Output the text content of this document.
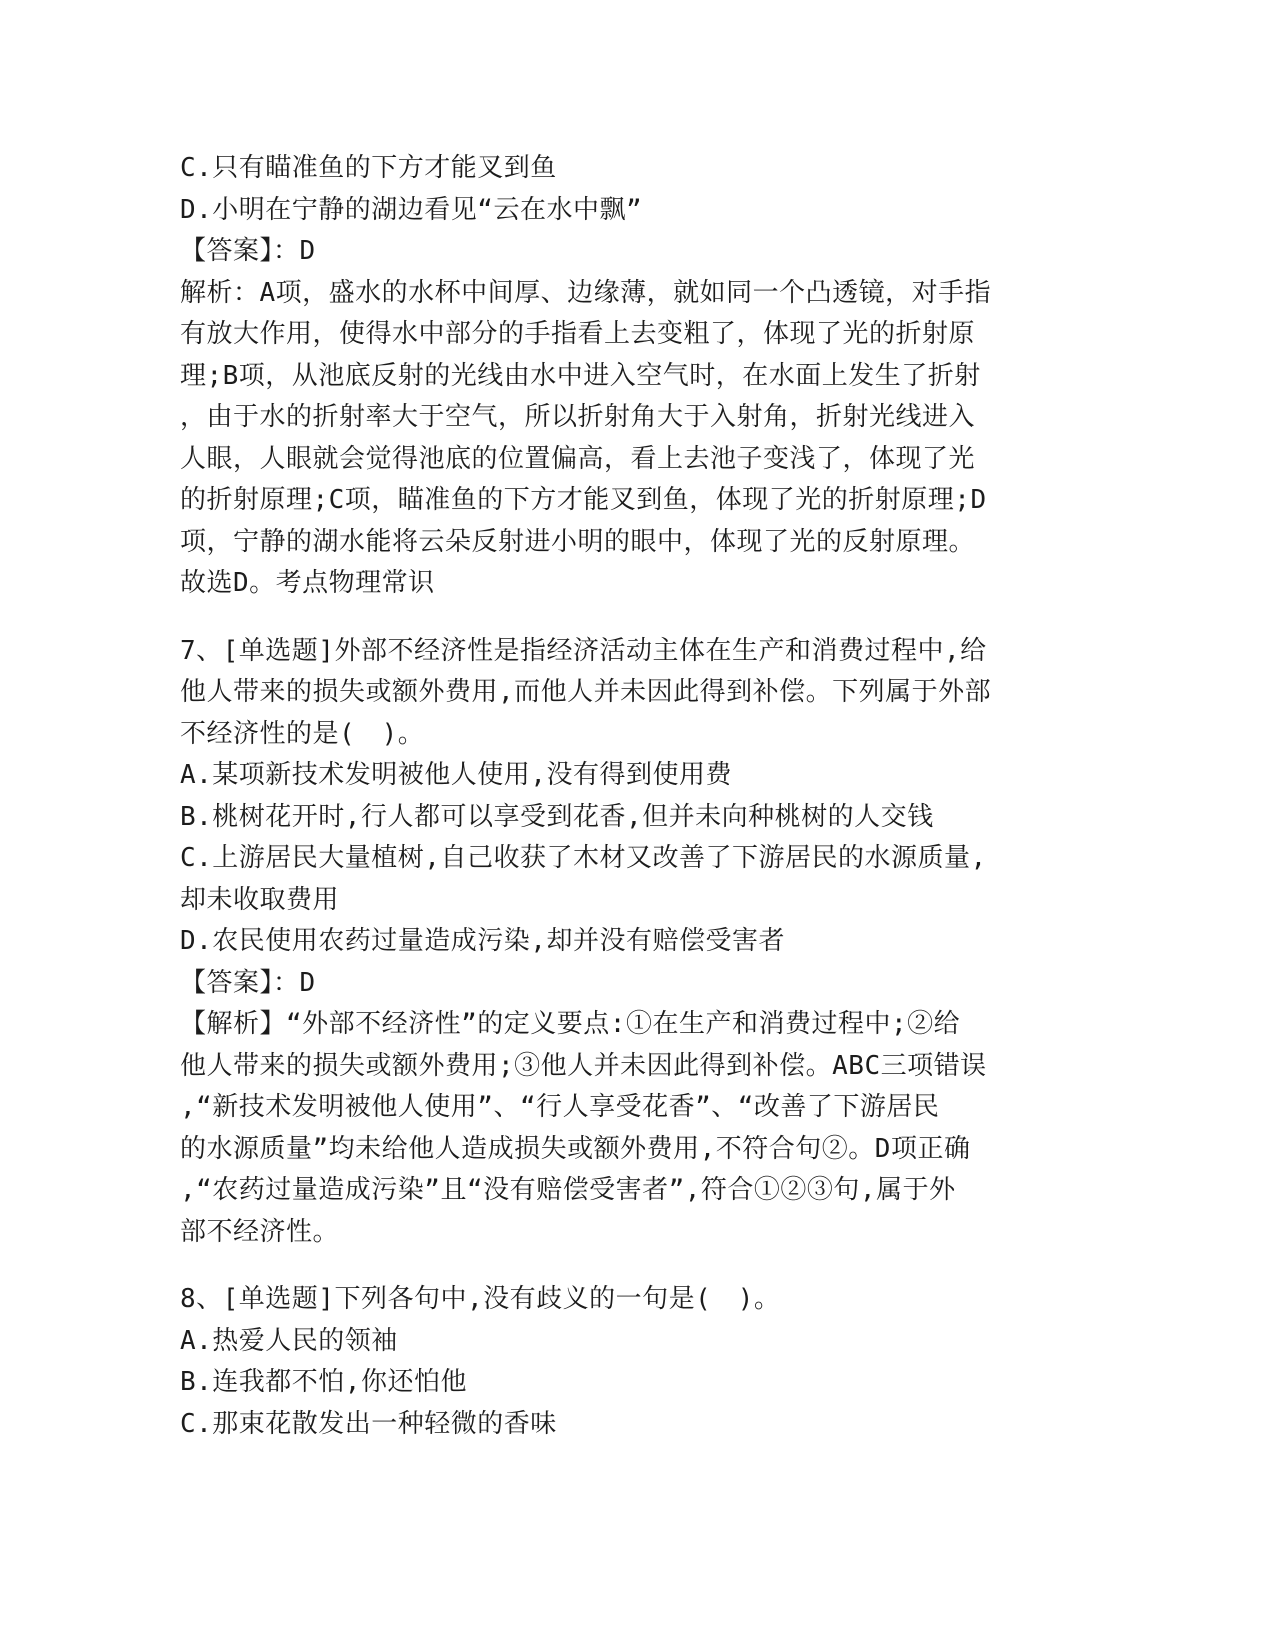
C.只有瞄准鱼的下方才能叉到鱼
D.小明在宁静的湖边看见“云在水中飘”
【答案】：D
解析：A项，盛水的水杯中间厚、边缘薄，就如同一个凸透镜，对手指
有放大作用，使得水中部分的手指看上去变粗了，体现了光的折射原
理;B项，从池底反射的光线由水中进入空气时，在水面上发生了折射
，由于水的折射率大于空气，所以折射角大于入射角，折射光线进入
人眼，人眼就会觉得池底的位置偏高，看上去池子变浅了，体现了光
的折射原理;C项，瞄准鱼的下方才能叉到鱼，体现了光的折射原理;D
项，宁静的湖水能将云朵反射进小明的眼中，体现了光的反射原理。
故选D。考点物理常识
7、[单选题]外部不经济性是指经济活动主体在生产和消费过程中,给
他人带来的损失或额外费用,而他人并未因此得到补偿。下列属于外部
不经济性的是(　)。
A.某项新技术发明被他人使用,没有得到使用费
B.桃树花开时,行人都可以享受到花香,但并未向种桃树的人交钱
C.上游居民大量植树,自己收获了木材又改善了下游居民的水源质量,
却未收取费用
D.农民使用农药过量造成污染,却并没有赔偿受害者
【答案】：D
【解析】“外部不经济性”的定义要点:①在生产和消费过程中;②给
他人带来的损失或额外费用;③他人并未因此得到补偿。ABC三项错误
,“新技术发明被他人使用”、“行人享受花香”、“改善了下游居民
的水源质量”均未给他人造成损失或额外费用,不符合句②。D项正确
,“农药过量造成污染”且“没有赔偿受害者”,符合①②③句,属于外
部不经济性。
8、[单选题]下列各句中,没有歧义的一句是(　)。
A.热爱人民的领袖
B.连我都不怕,你还怕他
C.那束花散发出一种轻微的香味
